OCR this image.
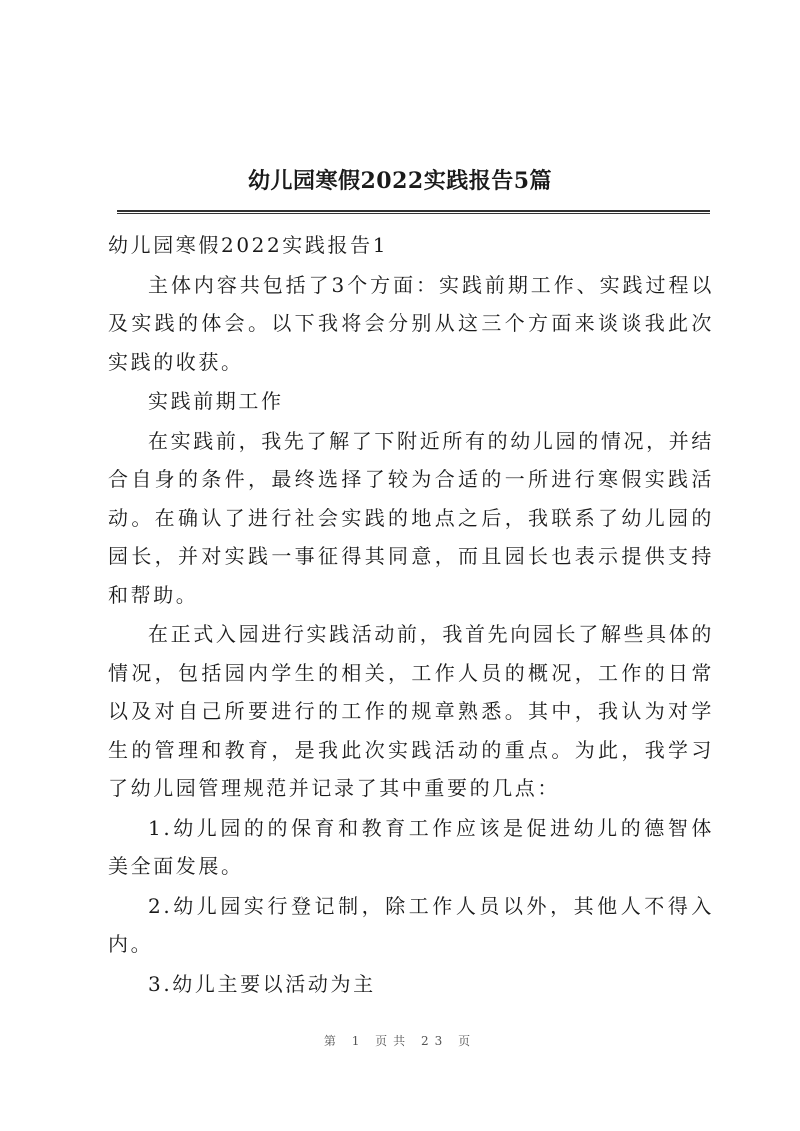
幼儿园寒假2022实践报告5篇

幼儿园寒假2022实践报告1

主体内容共包括了3个方面：实践前期工作、实践过程以及实践的体会。以下我将会分别从这三个方面来谈谈我此次实践的收获。

实践前期工作

在实践前，我先了解了下附近所有的幼儿园的情况，并结合自身的条件，最终选择了较为合适的一所进行寒假实践活动。在确认了进行社会实践的地点之后，我联系了幼儿园的园长，并对实践一事征得其同意，而且园长也表示提供支持和帮助。

在正式入园进行实践活动前，我首先向园长了解些具体的情况，包括园内学生的相关，工作人员的概况，工作的日常以及对自己所要进行的工作的规章熟悉。其中，我认为对学生的管理和教育，是我此次实践活动的重点。为此，我学习了幼儿园管理规范并记录了其中重要的几点：

1.幼儿园的的保育和教育工作应该是促进幼儿的德智体美全面发展。

2.幼儿园实行登记制，除工作人员以外，其他人不得入内。

3.幼儿主要以活动为主

第 1 页共 23 页
